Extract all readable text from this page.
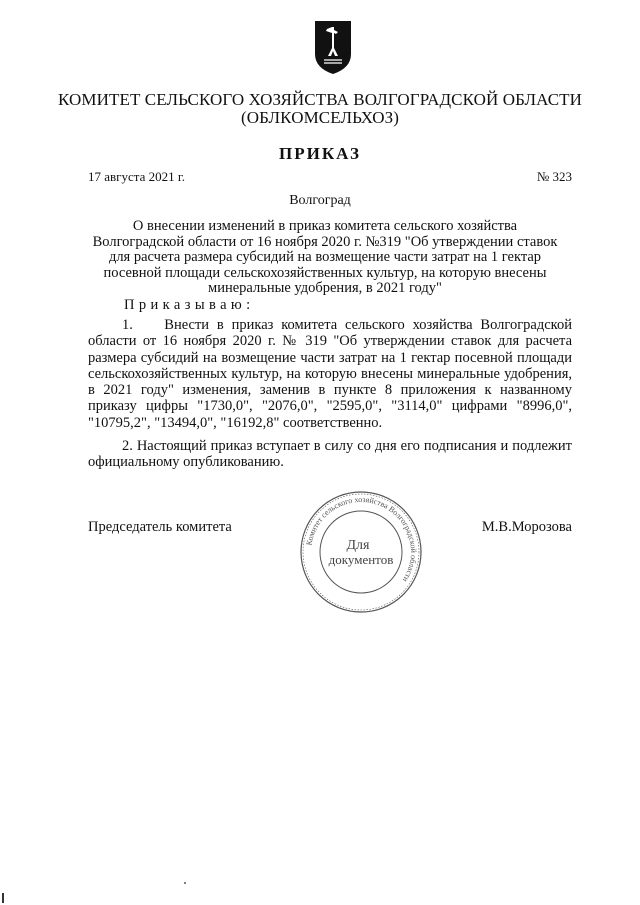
КОМИТЕТ СЕЛЬСКОГО ХОЗЯЙСТВА ВОЛГОГРАДСКОЙ ОБЛАСТИ
(ОБЛКОМСЕЛЬХОЗ)
ПРИКАЗ
17 августа 2021 г.	№ 323
Волгоград
О внесении изменений в приказ комитета сельского хозяйства Волгоградской области от 16 ноября 2020 г. №319 "Об утверждении ставок для расчета размера субсидий на возмещение части затрат на 1 гектар посевной площади сельскохозяйственных культур, на которую внесены минеральные удобрения, в 2021 году"
Приказываю:
1.    Внести в приказ комитета сельского хозяйства Волгоградской области от 16 ноября 2020 г. № 319 "Об утверждении ставок для расчета размера субсидий на возмещение части затрат на 1 гектар посевной площади сельскохозяйственных культур, на которую внесены минеральные удобрения, в 2021 году" изменения, заменив в пункте 8 приложения к названному приказу цифры "1730,0", "2076,0", "2595,0", "3114,0" цифрами "8996,0", "10795,2", "13494,0", "16192,8" соответственно.
2. Настоящий приказ вступает в силу со дня его подписания и подлежит официальному опубликованию.
Председатель комитета	М.В.Морозова
Комитет сельского хозяйства Волгоградской области
Для
документов
